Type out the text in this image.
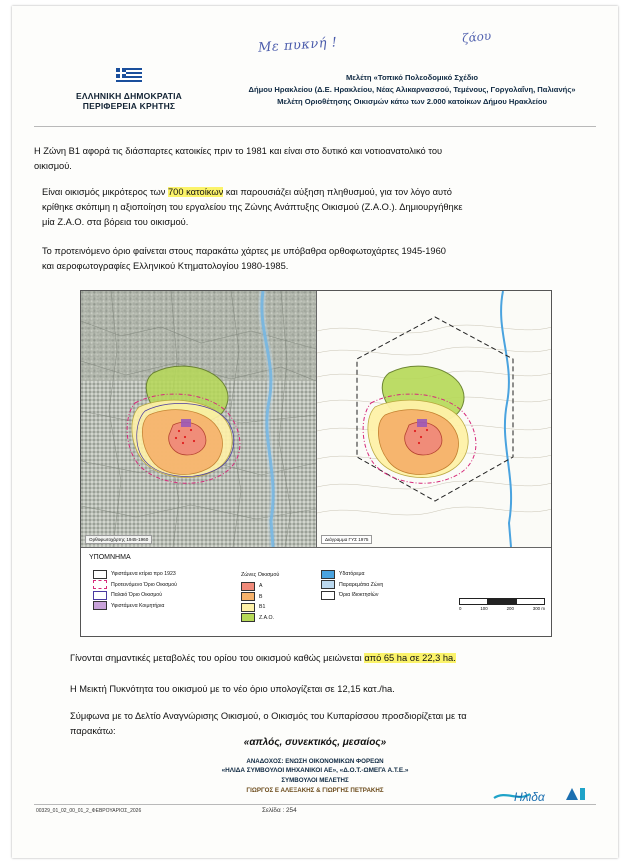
Με πυκνή !	ζάου
ΕΛΛΗΝΙΚΗ ΔΗΜΟΚΡΑΤΙΑ
ΠΕΡΙΦΕΡΕΙΑ ΚΡΗΤΗΣ
Μελέτη «Τοπικό Πολεοδομικό Σχέδιο
Δήμου Ηρακλείου (Δ.Ε. Ηρακλείου, Νέας Αλικαρνασσού, Τεμένους, Γοργολαΐνη, Παλιανής»
Μελέτη Οριοθέτησης Οικισμών κάτω των 2.000 κατοίκων Δήμου Ηρακλείου
Η Ζώνη Β1 αφορά τις διάσπαρτες κατοικίες πριν το 1981 και είναι στο δυτικό και νοτιοανατολικό του
οικισμού.
Είναι οικισμός μικρότερος των 700 κατοίκων και παρουσιάζει αύξηση πληθυσμού, για τον λόγο αυτό
κρίθηκε σκόπιμη η αξιοποίηση του εργαλείου της Ζώνης Ανάπτυξης Οικισμού (Ζ.Α.Ο.). Δημιουργήθηκε
μία Ζ.Α.Ο. στα βόρεια του οικισμού.
Το προτεινόμενο όριο φαίνεται στους παρακάτω χάρτες με υπόβαθρα ορθοφωτοχάρτες 1945-1960
και αεροφωτογραφίες Ελληνικού Κτηματολογίου 1980-1985.
Ορθοφωτοχάρτης 1945-1960	Διάγραμμα ΓΥΣ 1975
ΥΠΟΜΝΗΜΑ
Υφιστάμενα κτίρια προ 1923
Προτεινόμενο Όριο Οικισμού
Παλαιό Όριο Οικισμού
Υφιστάμενα Κοιμητήρια
Ζώνες Οικισμού
Α
Β
Β1
Ζ.Α.Ο.
Υδατόρεμα
Παραρεμάτια Ζώνη
Όρια Ιδιοκτησίών
0	100	200	300 m
Γίνονται σημαντικές μεταβολές του ορίου του οικισμού καθώς μειώνεται από 65 ha σε 22,3 ha.
Η Μεικτή Πυκνότητα του οικισμού με το νέο όριο υπολογίζεται σε 12,15 κατ./ha.
Σύμφωνα με το Δελτίο Αναγνώρισης Οικισμού, ο Οικισμός του Κυπαρίσσου προσδιορίζεται με τα
παρακάτω:
«απλός, συνεκτικός, μεσαίος»
ΑΝΑΔΟΧΟΣ: ΕΝΩΣΗ ΟΙΚΟΝΟΜΙΚΩΝ ΦΟΡΕΩΝ
«ΗΛΙΔΑ ΣΥΜΒΟΥΛΟΙ ΜΗΧΑΝΙΚΟΙ ΑΕ», «Δ.Ο.Τ.-ΩΜΕΓΑ Α.Τ.Ε.»
ΣΥΜΒΟΥΛΟΙ ΜΕΛΕΤΗΣ
ΓΙΩΡΓΟΣ Ε ΑΛΕΞΑΚΗΣ & ΓΙΩΡΓΗΣ ΠΕΤΡΑΚΗΣ	Ηλιδα
00329_01_02_00_01_2_ΦΕΒΡΟΥΑΡΙΟΣ_2026	Σελίδα : 254
